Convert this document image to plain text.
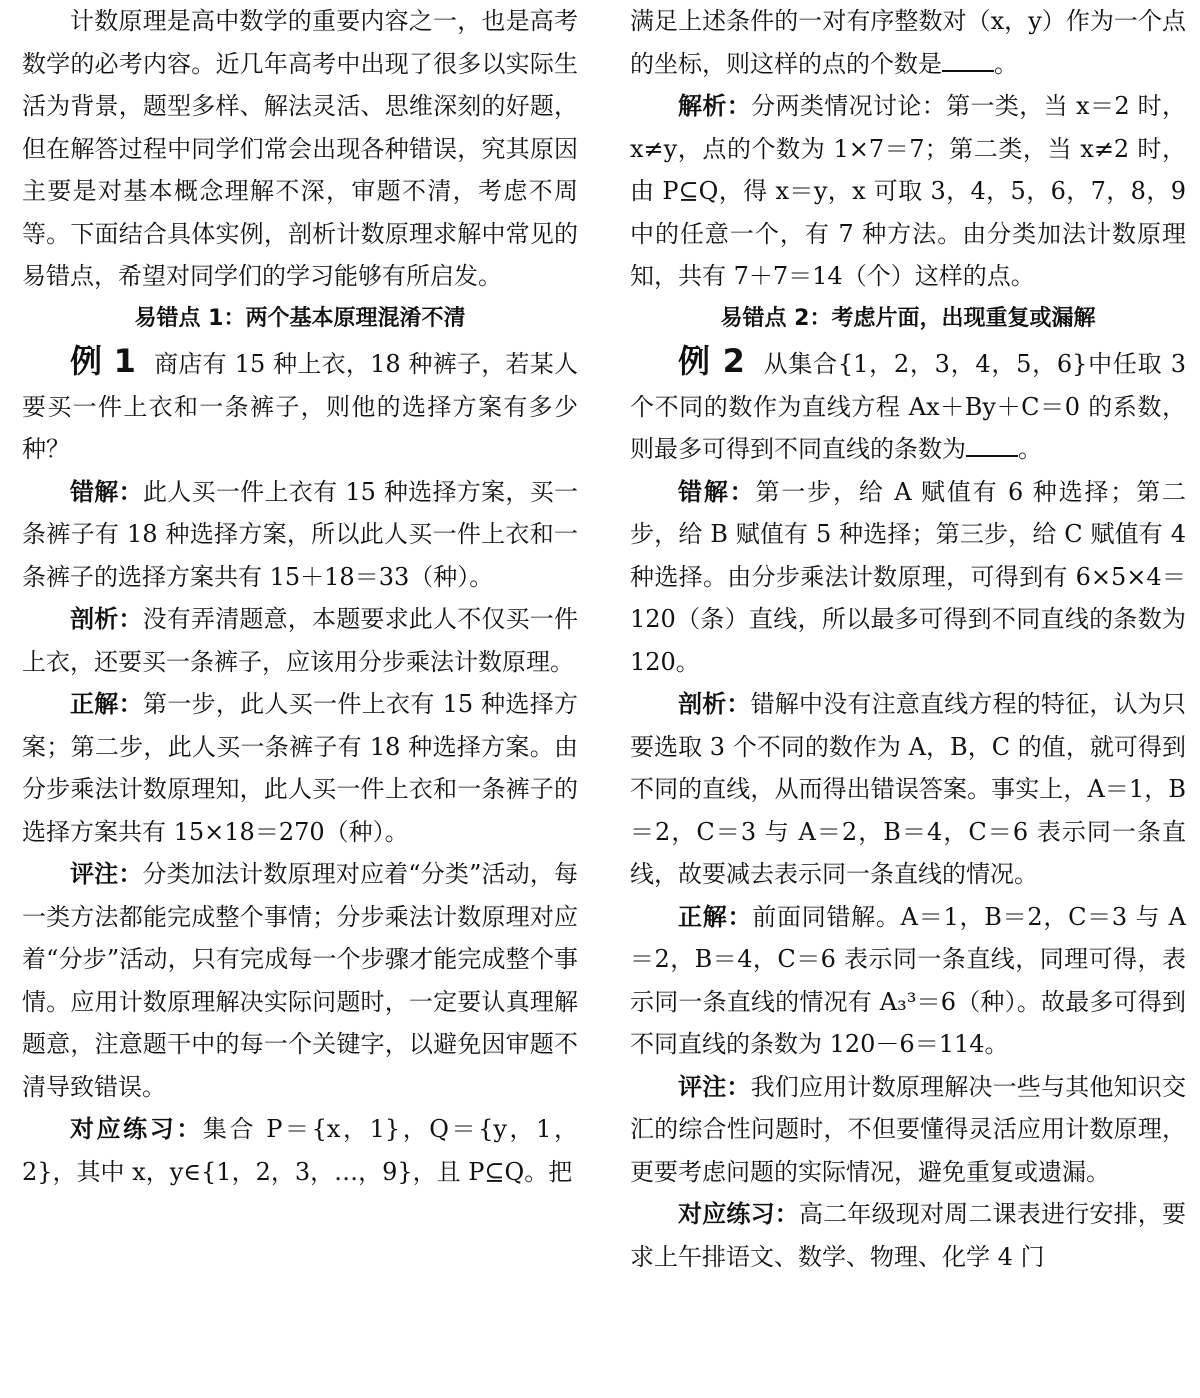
计数原理是高中数学的重要内容之一，也是高考数学的必考内容。近几年高考中出现了很多以实际生活为背景，题型多样、解法灵活、思维深刻的好题，但在解答过程中同学们常会出现各种错误，究其原因主要是对基本概念理解不深，审题不清，考虑不周等。下面结合具体实例，剖析计数原理求解中常见的易错点，希望对同学们的学习能够有所启发。

易错点 1：两个基本原理混淆不清

例 1 商店有 15 种上衣，18 种裤子，若某人要买一件上衣和一条裤子，则他的选择方案有多少种？

错解：此人买一件上衣有 15 种选择方案，买一条裤子有 18 种选择方案，所以此人买一件上衣和一条裤子的选择方案共有 15＋18＝33（种）。

剖析：没有弄清题意，本题要求此人不仅买一件上衣，还要买一条裤子，应该用分步乘法计数原理。

正解：第一步，此人买一件上衣有 15 种选择方案；第二步，此人买一条裤子有 18 种选择方案。由分步乘法计数原理知，此人买一件上衣和一条裤子的选择方案共有 15×18＝270（种）。

评注：分类加法计数原理对应着“分类”活动，每一类方法都能完成整个事情；分步乘法计数原理对应着“分步”活动，只有完成每一个步骤才能完成整个事情。应用计数原理解决实际问题时，一定要认真理解题意，注意题干中的每一个关键字，以避免因审题不清导致错误。

对应练习：集合 P＝{x，1}，Q＝{y，1，2}，其中 x，y∈{1，2，3，…，9}，且 P⊆Q。把

满足上述条件的一对有序整数对（x，y）作为一个点的坐标，则这样的点的个数是 。

解析：分两类情况讨论：第一类，当 x＝2 时，x≠y，点的个数为 1×7＝7；第二类，当 x≠2 时，由 P⊆Q，得 x＝y，x 可取 3，4，5，6，7，8，9 中的任意一个，有 7 种方法。由分类加法计数原理知，共有 7＋7＝14（个）这样的点。

易错点 2：考虑片面，出现重复或漏解

例 2 从集合{1，2，3，4，5，6}中任取 3 个不同的数作为直线方程 Ax＋By＋C＝0 的系数，则最多可得到不同直线的条数为 。

错解：第一步，给 A 赋值有 6 种选择；第二步，给 B 赋值有 5 种选择；第三步，给 C 赋值有 4 种选择。由分步乘法计数原理，可得到有 6×5×4＝120（条）直线，所以最多可得到不同直线的条数为 120。

剖析：错解中没有注意直线方程的特征，认为只要选取 3 个不同的数作为 A，B，C 的值，就可得到不同的直线，从而得出错误答案。事实上，A＝1，B＝2，C＝3 与 A＝2，B＝4，C＝6 表示同一条直线，故要减去表示同一条直线的情况。

正解：前面同错解。A＝1，B＝2，C＝3 与 A＝2，B＝4，C＝6 表示同一条直线，同理可得，表示同一条直线的情况有 A₃³＝6（种）。故最多可得到不同直线的条数为 120－6＝114。

评注：我们应用计数原理解决一些与其他知识交汇的综合性问题时，不但要懂得灵活应用计数原理，更要考虑问题的实际情况，避免重复或遗漏。

对应练习：高二年级现对周二课表进行安排，要求上午排语文、数学、物理、化学 4 门
